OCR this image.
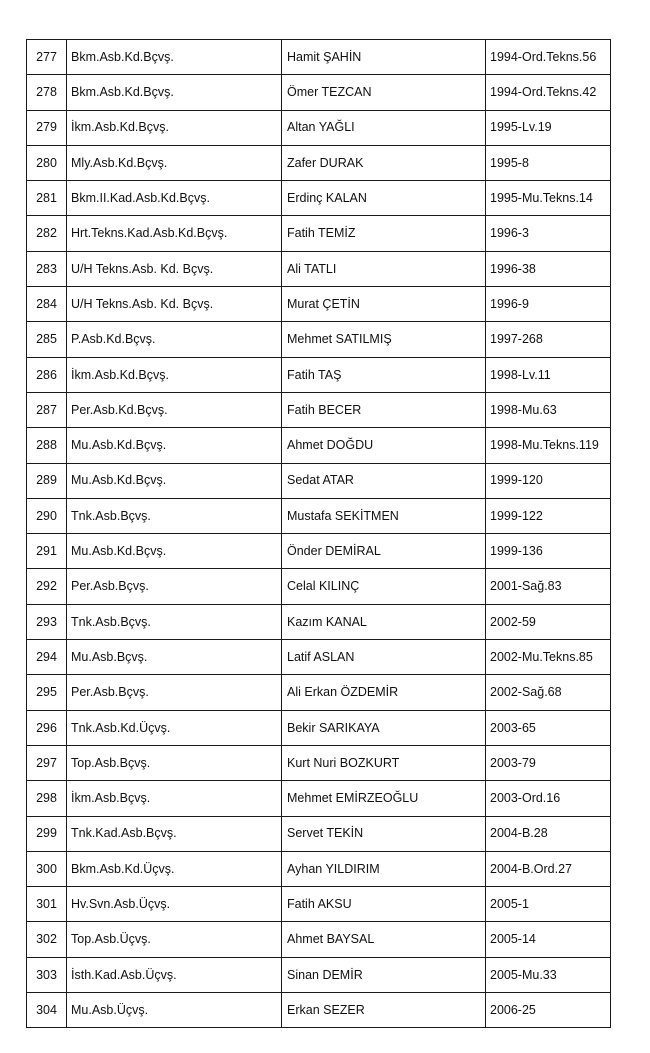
277	Bkm.Asb.Kd.Bçvş.	Hamit ŞAHİN	1994-Ord.Tekns.56
278	Bkm.Asb.Kd.Bçvş.	Ömer TEZCAN	1994-Ord.Tekns.42
279	İkm.Asb.Kd.Bçvş.	Altan YAĞLI	1995-Lv.19
280	Mly.Asb.Kd.Bçvş.	Zafer DURAK	1995-8
281	Bkm.II.Kad.Asb.Kd.Bçvş.	Erdinç KALAN	1995-Mu.Tekns.14
282	Hrt.Tekns.Kad.Asb.Kd.Bçvş.	Fatih TEMİZ	1996-3
283	U/H Tekns.Asb. Kd. Bçvş.	Ali TATLI	1996-38
284	U/H Tekns.Asb. Kd. Bçvş.	Murat ÇETİN	1996-9
285	P.Asb.Kd.Bçvş.	Mehmet SATILMIŞ	1997-268
286	İkm.Asb.Kd.Bçvş.	Fatih TAŞ	1998-Lv.11
287	Per.Asb.Kd.Bçvş.	Fatih BECER	1998-Mu.63
288	Mu.Asb.Kd.Bçvş.	Ahmet DOĞDU	1998-Mu.Tekns.119
289	Mu.Asb.Kd.Bçvş.	Sedat ATAR	1999-120
290	Tnk.Asb.Bçvş.	Mustafa SEKİTMEN	1999-122
291	Mu.Asb.Kd.Bçvş.	Önder DEMİRAL	1999-136
292	Per.Asb.Bçvş.	Celal KILINÇ	2001-Sağ.83
293	Tnk.Asb.Bçvş.	Kazım KANAL	2002-59
294	Mu.Asb.Bçvş.	Latif ASLAN	2002-Mu.Tekns.85
295	Per.Asb.Bçvş.	Ali Erkan ÖZDEMİR	2002-Sağ.68
296	Tnk.Asb.Kd.Üçvş.	Bekir SARIKAYA	2003-65
297	Top.Asb.Bçvş.	Kurt Nuri BOZKURT	2003-79
298	İkm.Asb.Bçvş.	Mehmet EMİRZEOĞLU	2003-Ord.16
299	Tnk.Kad.Asb.Bçvş.	Servet TEKİN	2004-B.28
300	Bkm.Asb.Kd.Üçvş.	Ayhan YILDIRIM	2004-B.Ord.27
301	Hv.Svn.Asb.Üçvş.	Fatih AKSU	2005-1
302	Top.Asb.Üçvş.	Ahmet BAYSAL	2005-14
303	İsth.Kad.Asb.Üçvş.	Sinan DEMİR	2005-Mu.33
304	Mu.Asb.Üçvş.	Erkan SEZER	2006-25
